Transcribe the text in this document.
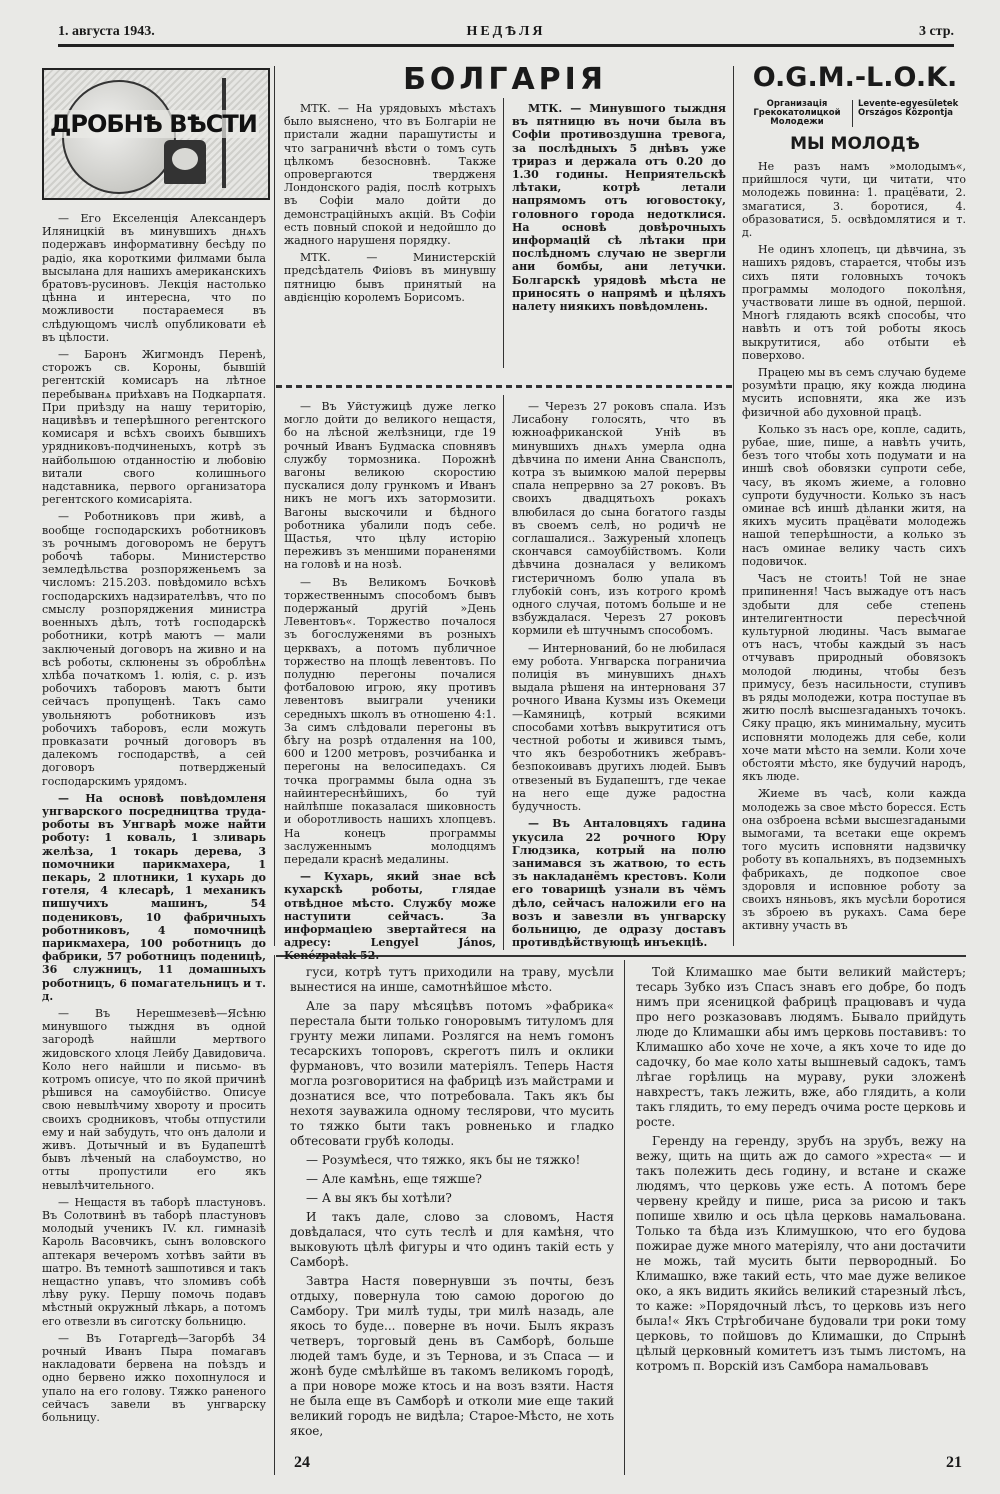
1. августа 1943.	НЕДѢЛЯ	3 стр.
ДРОБНѢ ВѢСТИ

— Его Екселенція Александеръ Иляницкій въ минувшихъ днѧхъ подержавъ информативну бесѣду по радіо, яка короткими филмами была высылана для нашихъ американскихъ братовъ-русиновъ. Лекція настолько цѣнна и интересна, что по можливости постараемеся въ слѣдующомъ числѣ опубликовати еѣ въ цѣлости.

— Баронъ Жигмондъ Перенѣ, сторожъ св. Короны, бывшій регентскій комисаръ на лѣтное перебыванѧ приѣхавъ на Подкарпатя. При приѣзду на нашу територію, нацивѣвъ и теперѣшного регентского комисаря и всѣхъ своихъ бывшихъ урядниковъ-подчиненыхъ, котрѣ зъ найбольшою отданностію и любовію витали свого колишнього надставника, первого организатора регентского комисаріята.

— Роботниковъ при живѣ, а вообще господарскихъ роботниковъ зъ рочнымъ договоромъ не берутъ робочѣ таборы. Министерство земледѣльства розпоряженьемъ за числомъ: 215.203. повѣдомило всѣхъ господарскихъ надзирателѣвъ, что по смыслу розпоряджения министра военныхъ дѣлъ, тотѣ господарскѣ роботники, котрѣ маютъ — мали заключеный договоръ на живно и на всѣ роботы, склюнены зъ оброблѣнѧ хлѣба початкомъ 1. юлія, с. р. изъ робочихъ таборовъ маютъ быти сейчасъ пропущенѣ. Такъ само увольняютъ роботниковъ изъ робочихъ таборовъ, если можуть провказати рочный договоръ въ далекомъ господарствѣ, а сей договоръ потвердженый господарскимъ урядомъ.

— На основѣ повѣдомленя унгварского посредництва труда-роботы въ Унгварѣ може найти роботу: 1 коваль, 1 зливарь желѣза, 1 токарь дерева, 3 помочники парикмахера, 1 пекарь, 2 плотники, 1 кухарь до готеля, 4 клесарѣ, 1 механикъ пишучихъ машинъ, 54 подениковъ, 10 фабричныхъ роботниковъ, 4 помочницѣ парикмахера, 100 роботницъ до фабрики, 57 роботницъ поденицѣ, 36 служницъ, 11 домашныхъ роботницъ, 6 помагательницъ и т. д.

— Въ Нерешмезевѣ—Ясѣню минувшого тыждня въ одной загородѣ найшли мертвого жидовского хлоця Лейбу Давидовича. Коло него найшли и письмо- въ котромъ описуе, что по якой причинѣ рѣшився на самоубійство. Описуе свою невылѣчиму хвороту и просить своихъ сродниковъ, чтобы отпустили ему и най забудуть, что онъ далоли и живъ. Дотычный и въ Будапештѣ бывъ лѣченый на слабоумство, но отты пропустили его якъ невылѣчительного.

— Нещастя въ таборѣ пластуновъ. Въ Солотвинѣ въ таборѣ пластуновъ молодый ученикъ IV. кл. гимназіѣ Кароль Васовчикъ, сынъ воловского аптекаря вечеромъ хотѣвъ зайти въ шатро. Въ темнотѣ зашпотився и такъ нещастно упавъ, что зломивъ собѣ лѣву руку. Першу помочь подавъ мѣстный окружный лѣкарь, а потомъ его отвезли въ сиготску больницю.

— Въ Готаргедѣ—Загорбѣ 34 рочный Иванъ Пыра помагавъ накладовати бервена на поѣздъ и одно бервено ижко похопнулося и упало на его голову. Тяжко раненого сейчасъ завели въ унгварску больницу.

БОЛГАРІЯ

МТК. — На урядовыхъ мѣстахъ было выяснено, что въ Болгаріи не пристали жадни парашутисты и что заграничнѣ вѣсти о томъ суть цѣлкомъ безосновнѣ. Также опровергаются твердженя Лондонского радія, послѣ котрыхъ въ Софіи мало дойти до демонстраційныхъ акцій. Въ Софіи есть повный спокой и недойшло до жадного нарушеня порядку.

МТК. — Министерскій предсѣдатель Фиіовъ въ минувшу пятницю бывъ принятый на авдієнцію королемъ Борисомъ.

МТК. — Минувшого тыждня въ пятницю въ ночи была въ Софіи противоздушна тревога, за послѣдныхъ 5 днѣвъ уже трираз и держала отъ 0.20 до 1.30 годины. Неприятельскѣ лѣтаки, котрѣ летали напрямомъ отъ юговостоку, головного города недотклися. На основѣ довѣрочныхъ информацій сѣ лѣтаки при послѣдномъ случаю не звергли ани бомбы, ани летучки. Болгарскѣ урядовѣ мѣста не приносять о напрямѣ и цѣляхъ налету ниякихъ повѣдомлень.

— Въ Уйстужицѣ дуже легко могло дойти до великого нещастя, бо на лѣсной желѣзници, где 19 рочный Иванъ Будмаска сповнявъ службу тормозника. Порожнѣ вагоны великою скоростию пускалися долу грункомъ и Иванъ никъ не могъ ихъ затормозити. Вагоны выскочили и бѣдного роботника убалили подъ себе. Щастья, что цѣлу исторію переживъ зъ меншими пораненями на головѣ и на нозѣ.

— Въ Великомъ Бочковѣ торжественнымъ способомъ бывъ подержаный другій »День Левентовъ«. Торжество почалося зъ богослуженями въ розныхъ церквахъ, а потомъ публичное торжество на площѣ левентовъ. По полудню перегоны почалися фотбаловою игрою, яку противъ левентовъ выиграли ученики середныхъ школъ въ отношеню 4:1. За симъ слѣдовали перегоны въ бѣгу на розрѣ отдалення на 100, 600 и 1200 метровъ, розчибанка и перегоны на велосипедахъ. Ся точка программы была одна зъ найинтереснѣйшихъ, бо туй найлѣпше показалася шиковность и оборотливость нашихъ хлопцевъ. На конецъ программы заслуженнымъ молодцямъ передали краснѣ медалины.

— Кухарь, який знае всѣ кухарскѣ роботы, глядае отвѣдное мѣсто. Службу може наступити сейчасъ. За информаціею звертайтеся на адресу: Lengyel János, Kenézpatak 52.

— Черезъ 27 роковъ спала. Изъ Лисабону голосять, что въ южноафриканской Уніѣ въ минувшихъ днѧхъ умерла одна дѣвчина по имени Анна Свансполъ, котра зъ выимкою малой перервы спала непрервно за 27 роковъ. Въ своихъ двадцятьохъ рокахъ влюбилася до сына богатого газды въ своемъ селѣ, но родичѣ не соглашалися.. Зажуреный хлопецъ скончався самоубійствомъ. Коли дѣвчина дозналася у великомъ гистеричномъ болю упала въ глубокій сонъ, изъ котрого кромѣ одного случая, потомъ больше и не взбуждалася. Черезъ 27 роковъ кормили еѣ штучнымъ способомъ.

— Интернований, бо не любилася ему робота. Унгварска пограничиа полиція въ минувшихъ днѧхъ выдала рѣшеня на интернованя 37 рочного Ивана Кузмы изъ Окемеци—Камяницѣ, котрый всякими способами хотѣвъ выкрутитися отъ честной роботы и живився тымъ, что якъ безроботникъ жебравъ-безпокоивавъ другихъ людей. Бывъ отвезеный въ Будапештъ, где чекае на него еще дуже радостна будучность.

— Въ Анталовцяхъ гадина укусила 22 рочного Юру Глюдзика, котрый на полю занимався зъ жатвою, то есть зъ накладанёмъ крестовъ. Коли его товарищѣ узнали въ чёмъ дѣло, сейчасъ наложили его на возъ и завезли въ унгварску больницю, де одразу доставъ противдѣйствующѣ инъекціѣ.

O.G.M.-L.O.K.
Организація Грекокатолицкой Молодежи
Levente-egyesületek Országos Központja
МЫ МОЛОДѢ

Не разъ намъ »молодымъ«, прийшлося чути, ци читати, что молодежь повинна: 1. працёвати, 2. змагатися, 3. боротися, 4. образоватися, 5. освѣдомлятися и т. д.

Не одинъ хлопецъ, ци дѣвчина, зъ нашихъ рядовъ, старается, чтобы изъ сихъ пяти головныхъ точокъ программы молодого поколѣня, участвовати лише въ одной, першой. Многѣ глядають всякѣ способы, что навѣть и отъ той роботы якось выкрутитися, або отбыти еѣ поверхово.

Працею мы въ семъ случаю будеме розумѣти працю, яку кожда людина мусить исповняти, яка же изъ физичной або духовной працѣ.

Колько зъ насъ оре, копле, садить, рубае, шие, пише, а навѣть учить, безъ того чтобы хоть подумати и на иншѣ своѣ обовязки супроти себе, часу, въ якомъ жиеме, а головно супроти будучности. Колько зъ насъ оминае всѣ иншѣ дѣланки житя, на якихъ мусить працёвати молодежь нашой теперѣшности, а колько зъ насъ оминае велику часть сихъ подовичок.

Часъ не стоить! Той не знае припинення! Часъ выжадуе отъ насъ здобыти для себе степень интелигентности пересѣчной культурной людины. Часъ вымагае отъ насъ, чтобы каждый зъ насъ отчувавъ природный обовязокъ молодой людины, чтобы безъ примусу, безъ насильности, ступивъ въ ряды молодежи, котра поступае въ житю послѣ высшезгаданыхъ точокъ. Сяку працю, якъ минимальну, мусить исповняти молодежь для себе, коли хоче мати мѣсто на земли. Коли хоче обстояти мѣсто, яке будучий народъ, якъ люде.

Жиеме въ часѣ, коли кажда молодежь за свое мѣсто боресся. Есть она озброена всѣми высшезгадаными вымогами, та всетаки еще окремъ того мусить исповняти надзвичку роботу въ копальняхъ, въ подземныхъ фабрикахъ, де подкопое свое здоровля и исповнюе роботу за своихъ няньовъ, якъ мусѣли боротися зъ зброею въ рукахъ. Сама бере активну участь въ

гуси, котрѣ тутъ приходили на траву, мусѣли вынестися на инше, самотнѣйшое мѣсто.

Але за пару мѣсяцѣвъ потомъ »фабрика« перестала быти только гоноровымъ титуломъ для грунту межи липами. Розлягся на немъ гомонъ тесарскихъ топоровъ, скреготъ пилъ и оклики фурмановъ, что возили матеріялъ. Теперь Настя могла розговоритися на фабрицѣ изъ майстрами и дознатися все, что потребовала. Такъ якъ бы нехотя зауважила одному теслярови, что мусить то тяжко быти такъ ровненько и гладко обтесовати грубѣ колоды.

— Розумѣеся, что тяжко, якъ бы не тяжко!

— Але камѣнь, еще тяжше?

— А вы якъ бы хотѣли?

И такъ дале, слово за словомъ, Настя довѣдалася, что суть теслѣ и для камѣня, что выковують цѣлѣ фигуры и что одинъ такій есть у Самборѣ.

Завтра Настя повернувши зъ почты, безъ отдыху, повернула тою самою дорогою до Самбору. Три милѣ туды, три милѣ назадь, але якось то буде... поверне въ ночи. Былъ якразъ четверъ, торговый день въ Самборѣ, больше людей тамъ буде, и зъ Тернова, и зъ Спаса — и жонѣ буде смѣлѣйше въ такомъ великомъ городѣ, а при новоре може ктось и на возъ взяти. Настя не была еще въ Самборѣ и отколи мие еще такий великий городъ не видѣла; Старое-Мѣсто, не хоть якое,

Той Климашко мае быти великий майстеръ; тесарь Зубко изъ Спасъ знавъ его добре, бо подъ нимъ при ясеницкой фабрицѣ працювавъ и чуда про него розказовавъ людямъ. Бывало прийдуть люде до Климашки абы имъ церковь поставивъ: то Климашко або хоче не хоче, а якъ хоче то иде до садочку, бо мае коло хаты вышневый садокъ, тамъ лѣгае горѣлиць на мураву, руки зложенѣ навхрестъ, такъ лежить, вже, або глядить, а коли такъ глядить, то ему передъ очима росте церковь и росте.

Геренду на геренду, зрубъ на зрубъ, вежу на вежу, щить на щить аж до самого »хреста« — и такъ полежить десь годину, и встане и скаже людямъ, что церковь уже есть. А потомъ бере червену крейду и пише, риса за рисою и такъ попише хвилю и ось цѣла церковь намальована. Только та бѣда изъ Климушкою, что его будова пожирае дуже много матеріялу, что ани достачити не можь, тай мусить быти первородный. Бо Климашко, вже такий есть, что мае дуже великое око, а якъ видить якийсь великий старезный лѣсъ, то каже: »Порядочный лѣсъ, то церковь изъ него была!« Якъ Стрѣгобичане будовали три роки тому церковь, то пойшовъ до Климашки, до Спрынѣ цѣлый церковный комитетъ изъ тымъ листомъ, на котромъ п. Ворскій изъ Самбора намальовавъ

24	21
